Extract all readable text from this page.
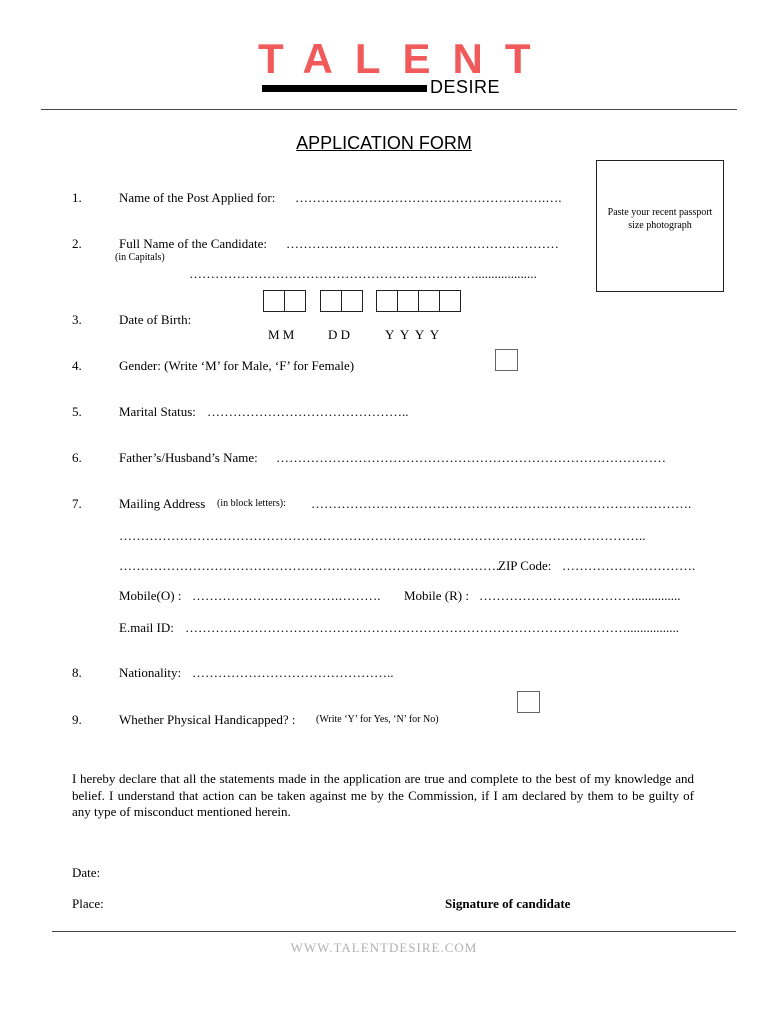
TALENT
DESIRE
APPLICATION FORM
Paste your recent passport size photograph
1.	Name of the Post Applied for: ………………………………………………….….
2.	Full Name of the Candidate: ………………………………………………………
(in Capitals)
…………………………………………………………...................
3.	Date of Birth:
M M	D D	Y  Y  Y  Y
4.	Gender: (Write ‘M’ for Male, ‘F’ for Female)
5.	Marital Status: ………………………………………..
6.	Father’s/Husband’s Name: ………………………………………………………………………………
7.	Mailing Address (in block letters): …………………………………………………………………………….
…………………………………………………………………………………………………………..
…………………………………………………………………………….
ZIP Code: ………………………….
Mobile(O) : …………………………….………. Mobile (R) : ………………………………..............
E.mail ID: …………………………………………………………………………………………................
8.	Nationality: ………………………………………..
9.	Whether Physical Handicapped? : (Write ‘Y’ for Yes, ‘N’ for No)
I hereby declare that all the statements made in the application are true and complete to the best of my knowledge and belief. I understand that action can be taken against me by the Commission, if I am declared by them to be guilty of any type of misconduct mentioned herein.
Date:
Place:	Signature of candidate
WWW.TALENTDESIRE.COM
